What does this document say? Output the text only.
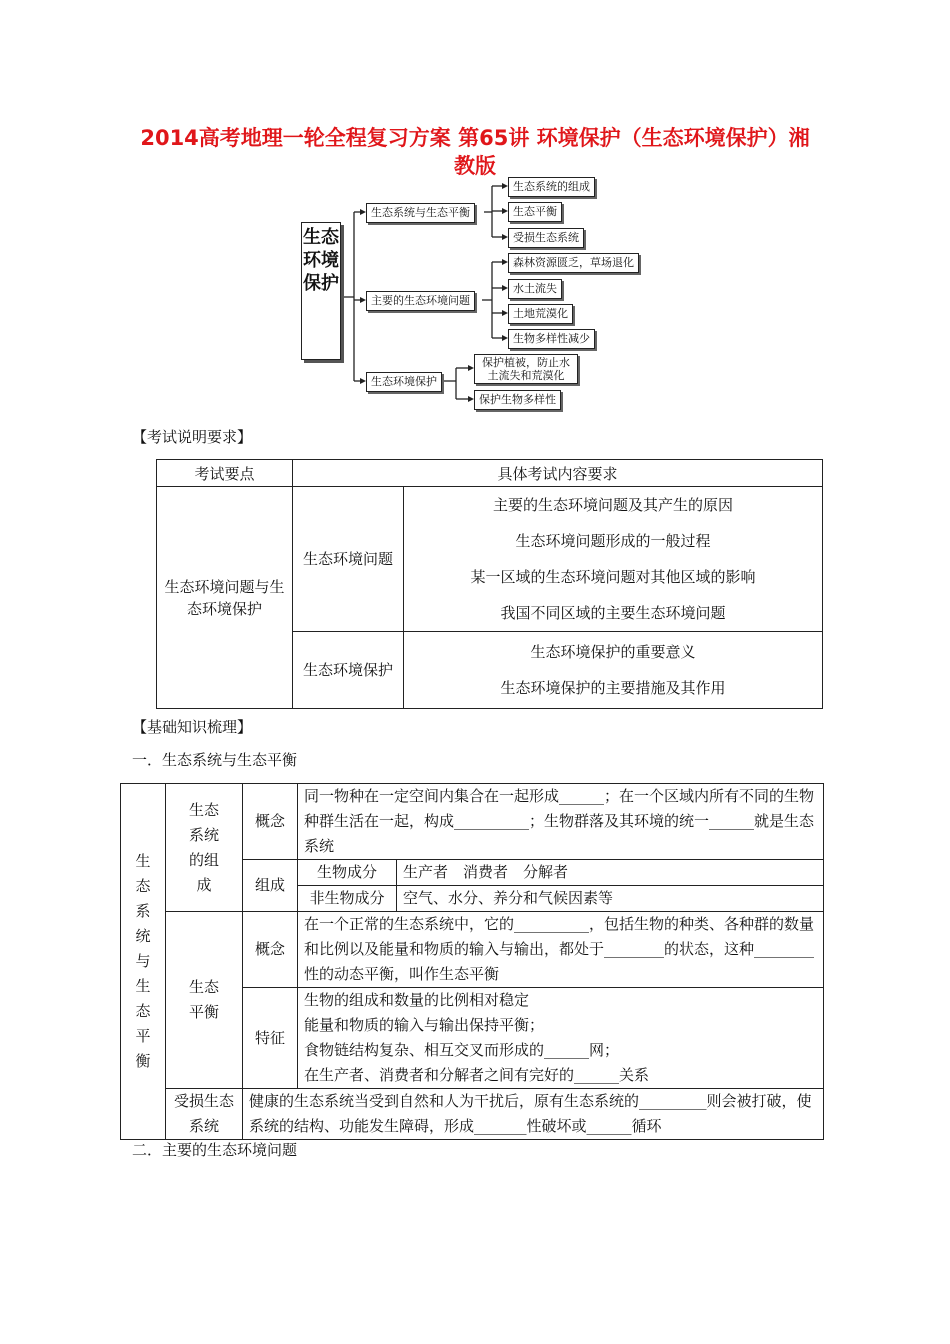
2014高考地理一轮全程复习方案 第65讲 环境保护（生态环境保护）湘教版
生态环境保护
生态系统与生态平衡
生态系统的组成
生态平衡
受损生态系统
主要的生态环境问题
森林资源匮乏，草场退化
水土流失
土地荒漠化
生物多样性减少
生态环境保护
保护植被，防止水土流失和荒漠化
保护生物多样性
【考试说明要求】
考试要点	具体考试内容要求	
生态环境问题与生态环境保护	生态环境问题	主要的生态环境问题及其产生的原因
生态环境问题形成的一般过程
某一区域的生态环境问题对其他区域的影响
我国不同区域的主要生态环境问题

	生态环境保护	生态环境保护的重要意义
生态环境保护的主要措施及其作用
【基础知识梳理】
一．生态系统与生态平衡
生态系统与生态平衡	生态系统的组成	概念	同一物种在一定空间内集合在一起形成______；在一个区域内所有不同的生物种群生活在一起，构成__________；生物群落及其环境的统一______就是生态系统	
		组成	生物成分	生产者　消费者　分解者
			非生物成分	空气、水分、养分和气候因素等
	生态平衡	概念	在一个正常的生态系统中，它的__________，包括生物的种类、各种群的数量和比例以及能量和物质的输入与输出，都处于________的状态，这种________性的动态平衡，叫作生态平衡	
		特征	生物的组成和数量的比例相对稳定
能量和物质的输入与输出保持平衡；
食物链结构复杂、相互交叉而形成的______网；
在生产者、消费者和分解者之间有完好的______关系	

	受损生态系统	健康的生态系统当受到自然和人为干扰后，原有生态系统的_________则会被打破，使系统的结构、功能发生障碍，形成_______性破坏或______循环		
二．主要的生态环境问题
